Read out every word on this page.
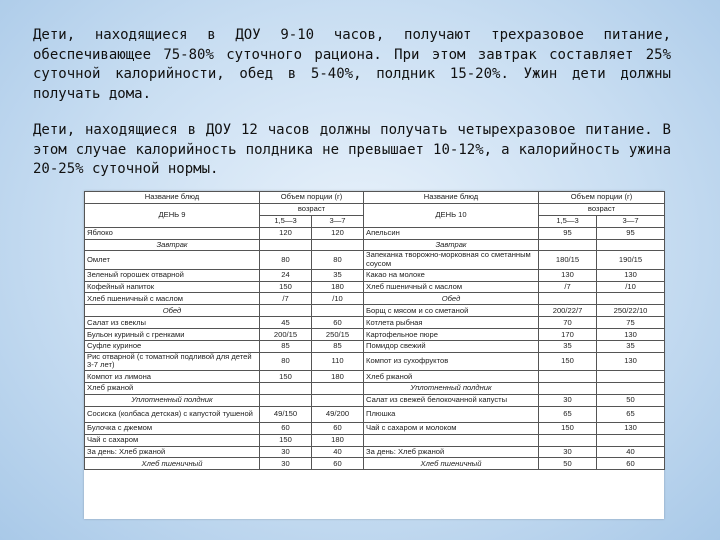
Дети, находящиеся в ДОУ 9-10 часов, получают трехразовое питание, обеспечивающее 75-80% суточного рациона. При этом завтрак составляет 25% суточной калорийности, обед в 5-40%, полдник 15-20%. Ужин дети должны получать дома.
Дети, находящиеся в ДОУ 12 часов должны получать четырехразовое питание. В этом случае калорийность полдника не превышает 10-12%, а калорийность ужина 20-25% суточной нормы.
Название блюд	Объем порции (г)		Название блюд	Объем порции (г)	
ДЕНЬ 9	возраст		ДЕНЬ 10	возраст	
	1,5—3	3—7		1,5—3	3—7
Яблоко	120	120	Апельсин	95	95
Завтрак			Завтрак		
Омлет	80	80	Запеканка творожно-морковная со сметанным соусом	180/15	190/15
Зеленый горошек отварной	24	35	Какао на молоке	130	130
Кофейный напиток	150	180	Хлеб пшеничный с маслом	/7	/10
Хлеб пшеничный с маслом	/7	/10	Обед		
Обед			Борщ с мясом и со сметаной	200/22/7	250/22/10
Салат из свеклы	45	60	Котлета рыбная	70	75
Бульон куриный с гренками	200/15	250/15	Картофельное пюре	170	130
Суфле куриное	85	85	Помидор свежий	35	35
Рис отварной (с томатной подливой для детей 3-7 лет)	80	110	Компот из сухофруктов	150	130
Компот из лимона	150	180	Хлеб ржаной		
Хлеб ржаной			Уплотненный полдник		
Уплотненный полдник			Салат из свежей белокочанной капусты	30	50
Сосиска (колбаса детская) с капустой тушеной	49/150	49/200	Плюшка	65	65
Булочка с джемом	60	60	Чай с сахаром и молоком	150	130
Чай с сахаром	150	180			
За день: Хлеб ржаной	30	40	За день: Хлеб ржаной	30	40
Хлеб пшеничный	30	60	Хлеб пшеничный	50	60
